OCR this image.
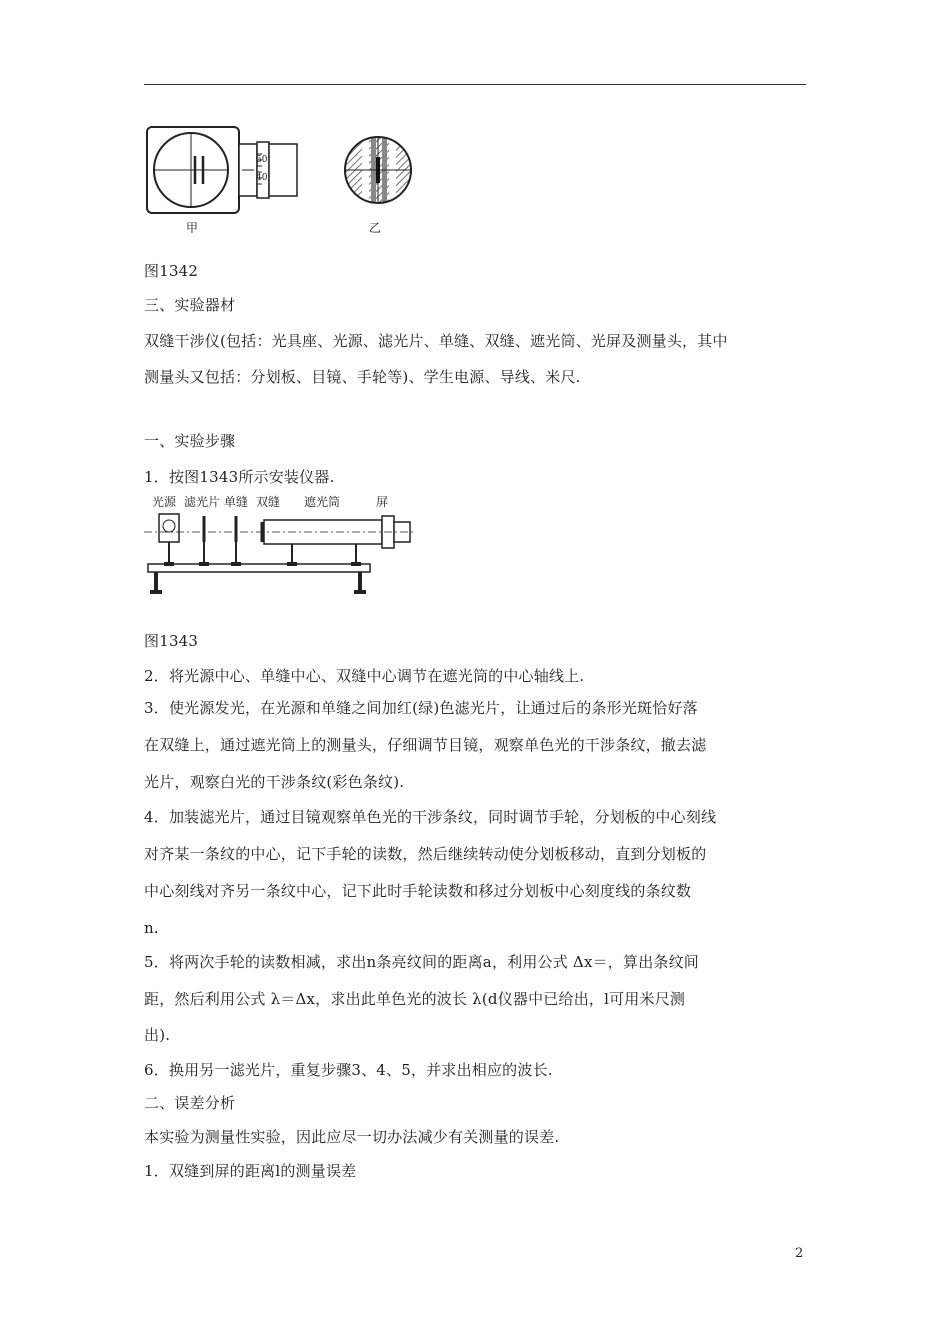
50
40
甲	乙
图1342
三、实验器材
双缝干涉仪(包括：光具座、光源、滤光片、单缝、双缝、遮光筒、光屏及测量头，其中
测量头又包括：分划板、目镜、手轮等)、学生电源、导线、米尺.
一、实验步骤
1．按图1343所示安装仪器.
光源 滤光片 单缝 双缝 遮光筒	屏
图1343
2．将光源中心、单缝中心、双缝中心调节在遮光筒的中心轴线上.
3．使光源发光，在光源和单缝之间加红(绿)色滤光片，让通过后的条形光斑恰好落
在双缝上，通过遮光筒上的测量头，仔细调节目镜，观察单色光的干涉条纹，撤去滤
光片，观察白光的干涉条纹(彩色条纹).
4．加装滤光片，通过目镜观察单色光的干涉条纹，同时调节手轮，分划板的中心刻线
对齐某一条纹的中心，记下手轮的读数，然后继续转动使分划板移动，直到分划板的
中心刻线对齐另一条纹中心，记下此时手轮读数和移过分划板中心刻度线的条纹数
n.
5．将两次手轮的读数相减，求出n条亮纹间的距离a，利用公式 Δx＝，算出条纹间
距，然后利用公式 λ＝Δx，求出此单色光的波长 λ(d仪器中已给出，l可用米尺测
出).
6．换用另一滤光片，重复步骤3、4、5，并求出相应的波长.
二、误差分析
本实验为测量性实验，因此应尽一切办法减少有关测量的误差.
1．双缝到屏的距离l的测量误差
2
